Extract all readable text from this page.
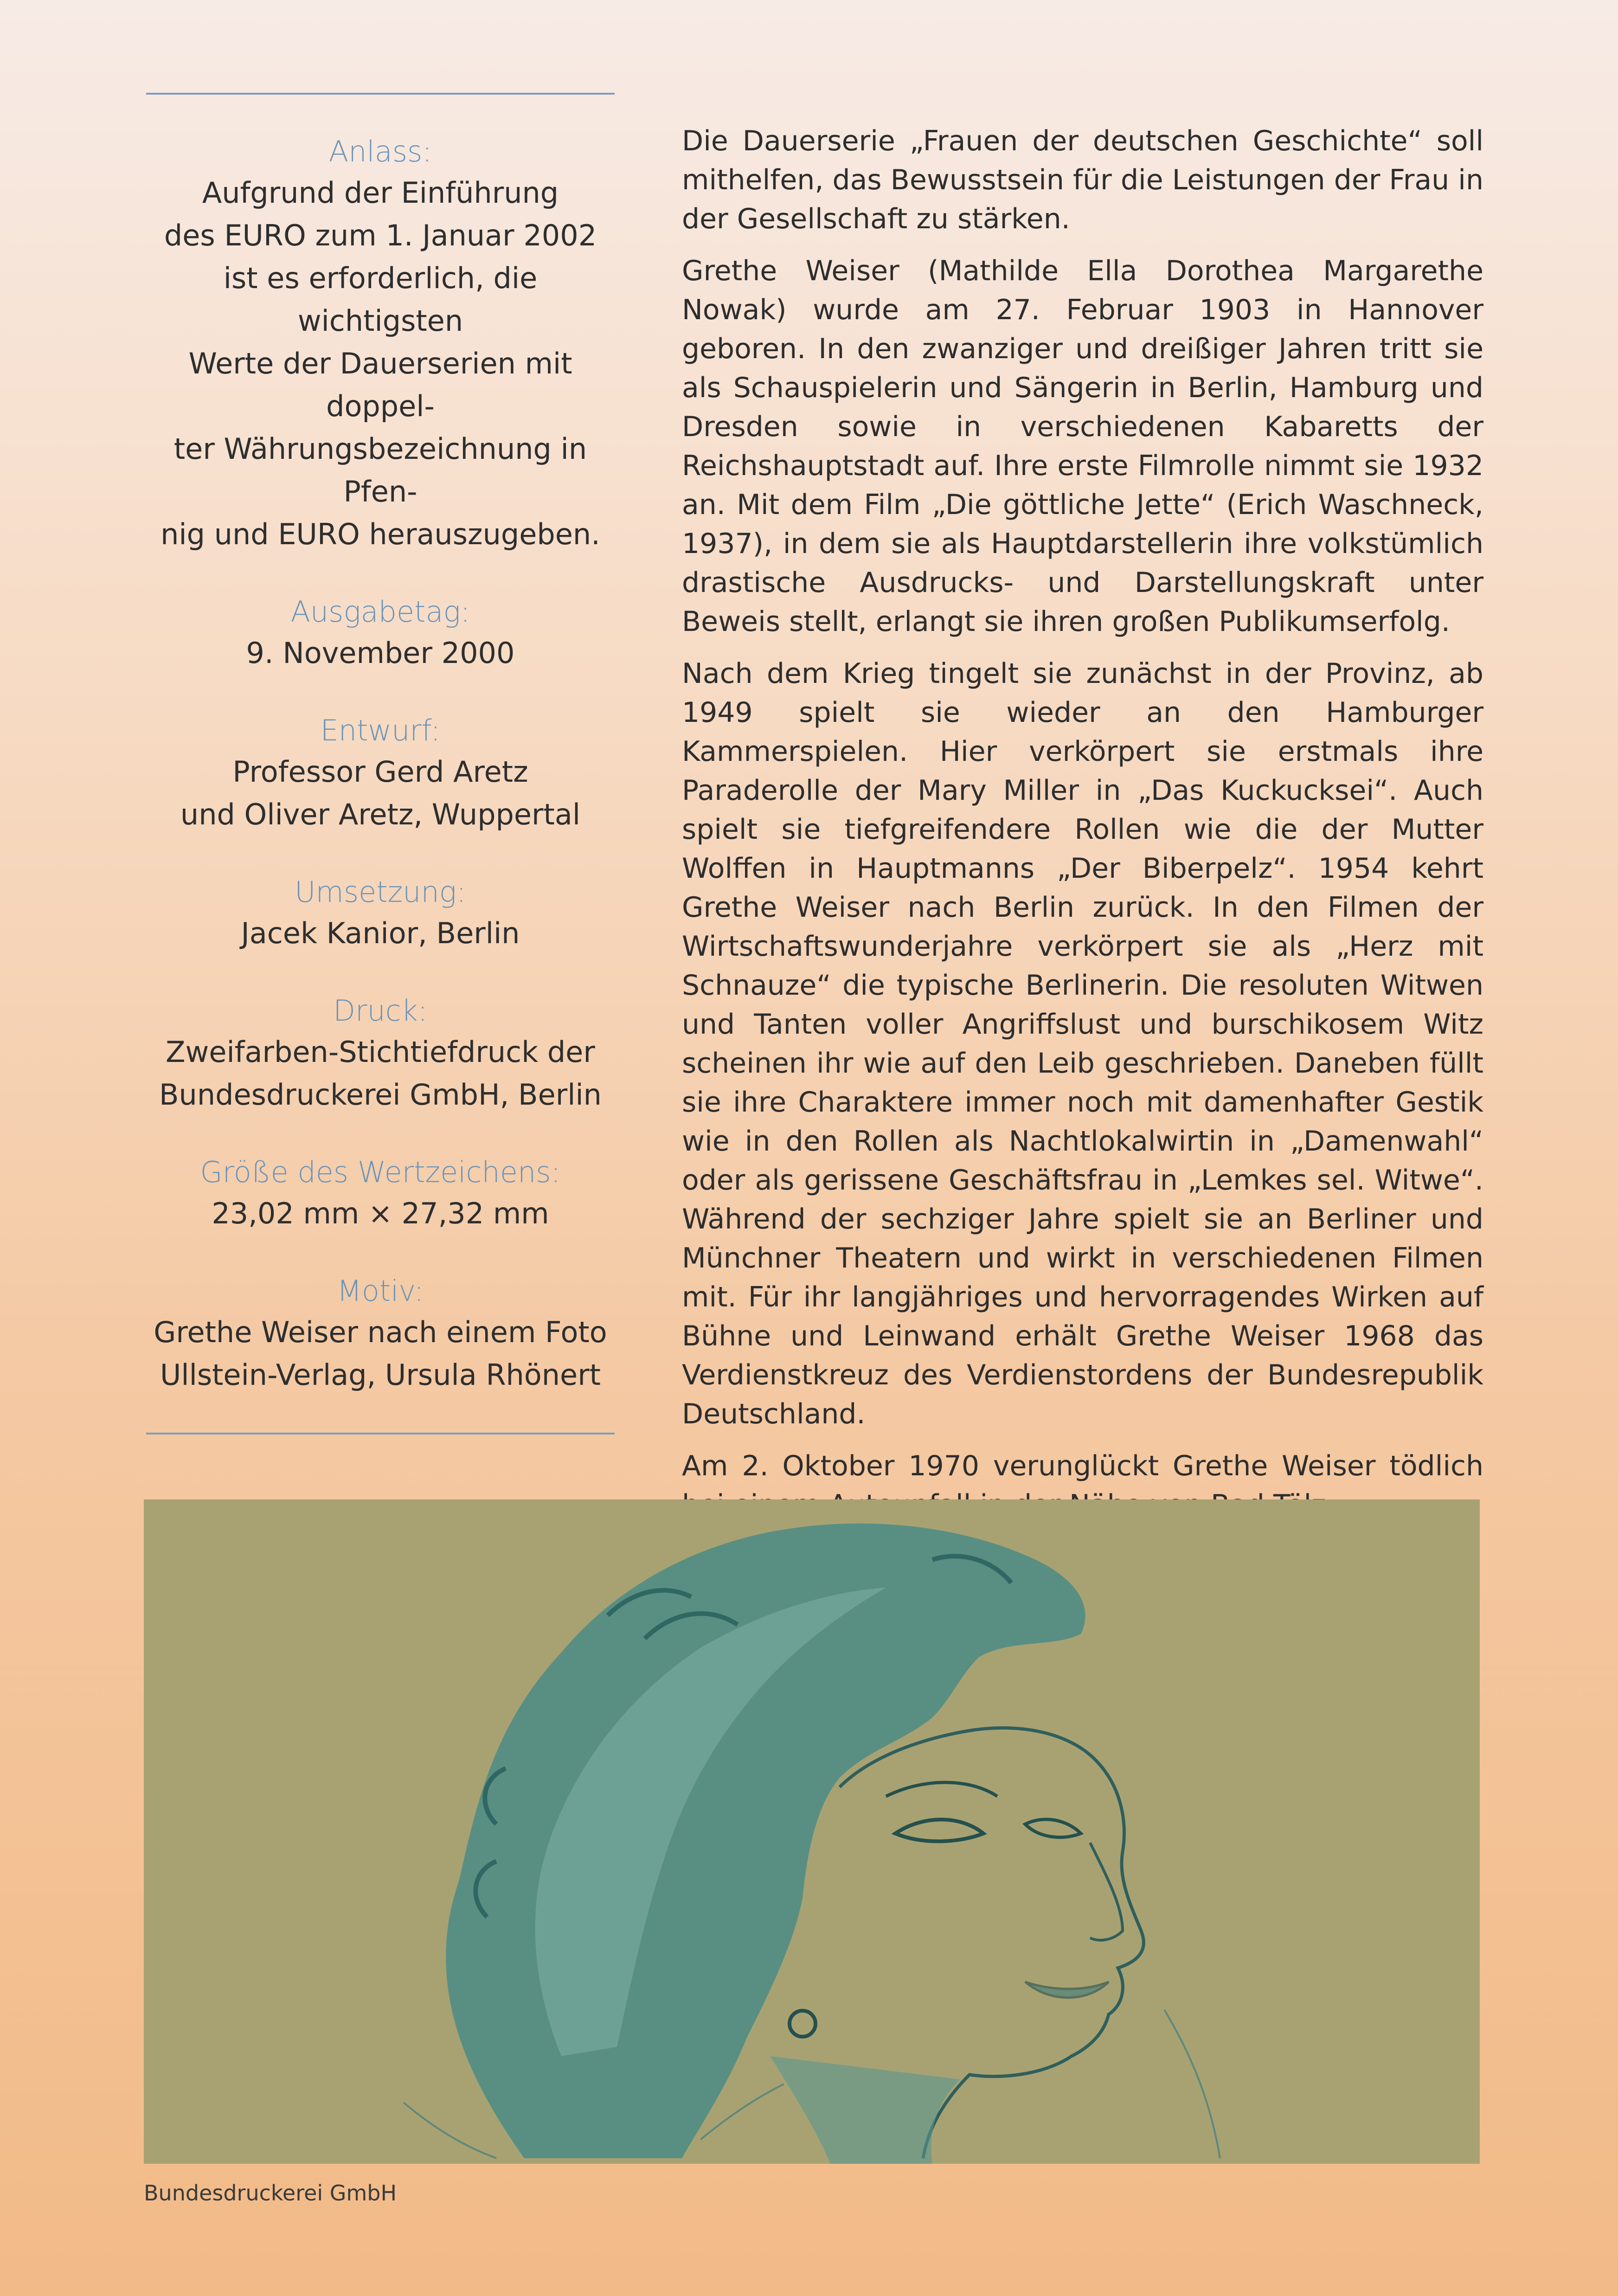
Anlass:
Aufgrund der Einführung
des EURO zum 1. Januar 2002
ist es erforderlich, die wichtigsten
Werte der Dauerserien mit doppel-
ter Währungsbezeichnung in Pfen-
nig und EURO herauszugeben.
Ausgabetag:
9. November 2000
Entwurf:
Professor Gerd Aretz
und Oliver Aretz, Wuppertal
Umsetzung:
Jacek Kanior, Berlin
Druck:
Zweifarben-Stichtiefdruck der
Bundesdruckerei GmbH, Berlin
Größe des Wertzeichens:
23,02 mm × 27,32 mm
Motiv:
Grethe Weiser nach einem Foto
Ullstein-Verlag, Ursula Rhönert

Die Dauerserie „Frauen der deutschen Geschichte“ soll mithelfen, das Bewusstsein für die Leistungen der Frau in der Gesellschaft zu stärken.

Grethe Weiser (Mathilde Ella Dorothea Margarethe Nowak) wurde am 27. Februar 1903 in Hannover geboren. In den zwanziger und dreißiger Jahren tritt sie als Schauspielerin und Sängerin in Berlin, Hamburg und Dresden sowie in verschiedenen Kabaretts der Reichshauptstadt auf. Ihre erste Filmrolle nimmt sie 1932 an. Mit dem Film „Die göttliche Jette“ (Erich Waschneck, 1937), in dem sie als Hauptdarstellerin ihre volkstümlich drastische Ausdrucks- und Darstellungskraft unter Beweis stellt, erlangt sie ihren großen Publikumserfolg.

Nach dem Krieg tingelt sie zunächst in der Provinz, ab 1949 spielt sie wieder an den Hamburger Kammerspielen. Hier verkörpert sie erstmals ihre Paraderolle der Mary Miller in „Das Kuckucksei“. Auch spielt sie tiefgreifendere Rollen wie die der Mutter Wolffen in Hauptmanns „Der Biberpelz“. 1954 kehrt Grethe Weiser nach Berlin zurück. In den Filmen der Wirtschaftswunderjahre verkörpert sie als „Herz mit Schnauze“ die typische Berlinerin. Die resoluten Witwen und Tanten voller Angriffslust und burschikosem Witz scheinen ihr wie auf den Leib geschrieben. Daneben füllt sie ihre Charaktere immer noch mit damenhafter Gestik wie in den Rollen als Nachtlokalwirtin in „Damenwahl“ oder als gerissene Geschäftsfrau in „Lemkes sel. Witwe“. Während der sechziger Jahre spielt sie an Berliner und Münchner Theatern und wirkt in verschiedenen Filmen mit. Für ihr langjähriges und hervorragendes Wirken auf Bühne und Leinwand erhält Grethe Weiser 1968 das Verdienstkreuz des Verdienstordens der Bundesrepublik Deutschland.

Am 2. Oktober 1970 verunglückt Grethe Weiser tödlich

Bundesdruckerei GmbH
